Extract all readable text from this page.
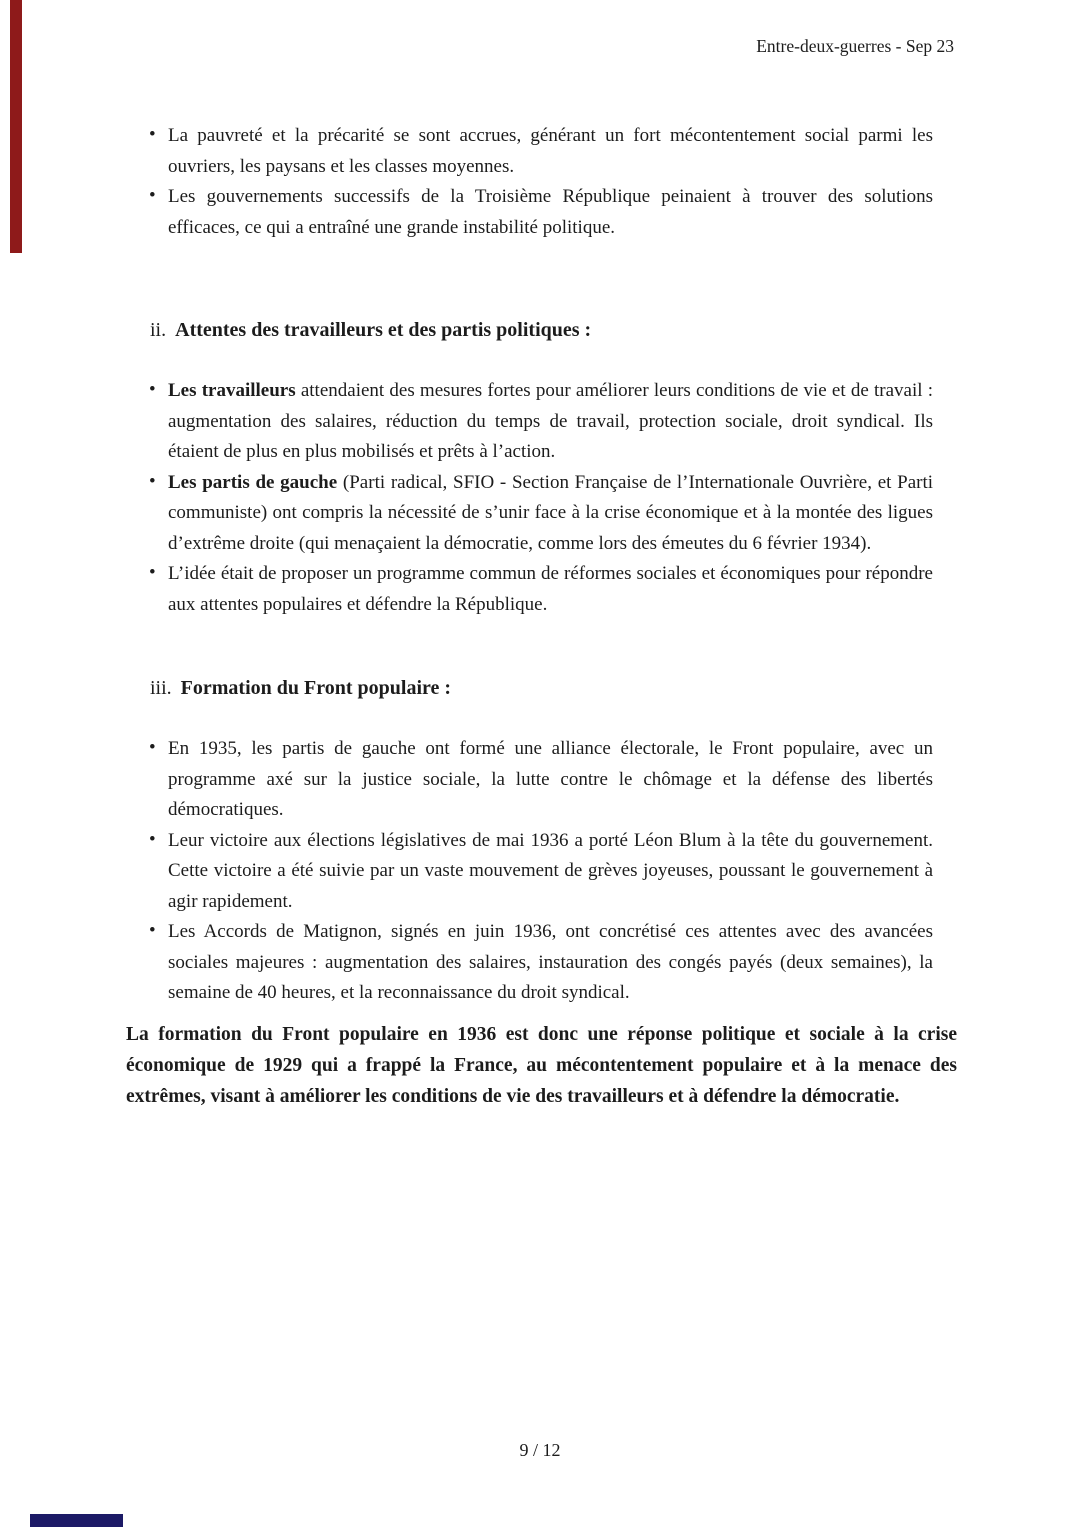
Entre-deux-guerres - Sep 23
• La pauvreté et la précarité se sont accrues, générant un fort mécontentement social parmi les ouvriers, les paysans et les classes moyennes.
• Les gouvernements successifs de la Troisième République peinaient à trouver des solutions efficaces, ce qui a entraîné une grande instabilité politique.
ii. Attentes des travailleurs et des partis politiques :
• Les travailleurs attendaient des mesures fortes pour améliorer leurs conditions de vie et de travail : augmentation des salaires, réduction du temps de travail, protection sociale, droit syndical. Ils étaient de plus en plus mobilisés et prêts à l’action.
• Les partis de gauche (Parti radical, SFIO - Section Française de l’Internationale Ouvrière, et Parti communiste) ont compris la nécessité de s’unir face à la crise économique et à la montée des ligues d’extrême droite (qui menaçaient la démocratie, comme lors des émeutes du 6 février 1934).
• L’idée était de proposer un programme commun de réformes sociales et économiques pour répondre aux attentes populaires et défendre la République.
iii. Formation du Front populaire :
• En 1935, les partis de gauche ont formé une alliance électorale, le Front populaire, avec un programme axé sur la justice sociale, la lutte contre le chômage et la défense des libertés démocratiques.
• Leur victoire aux élections législatives de mai 1936 a porté Léon Blum à la tête du gouvernement. Cette victoire a été suivie par un vaste mouvement de grèves joyeuses, poussant le gouvernement à agir rapidement.
• Les Accords de Matignon, signés en juin 1936, ont concrétisé ces attentes avec des avancées sociales majeures : augmentation des salaires, instauration des congés payés (deux semaines), la semaine de 40 heures, et la reconnaissance du droit syndical.

La formation du Front populaire en 1936 est donc une réponse politique et sociale à la crise économique de 1929 qui a frappé la France, au mécontentement populaire et à la menace des extrêmes, visant à améliorer les conditions de vie des travailleurs et à défendre la démocratie.

9 / 12
